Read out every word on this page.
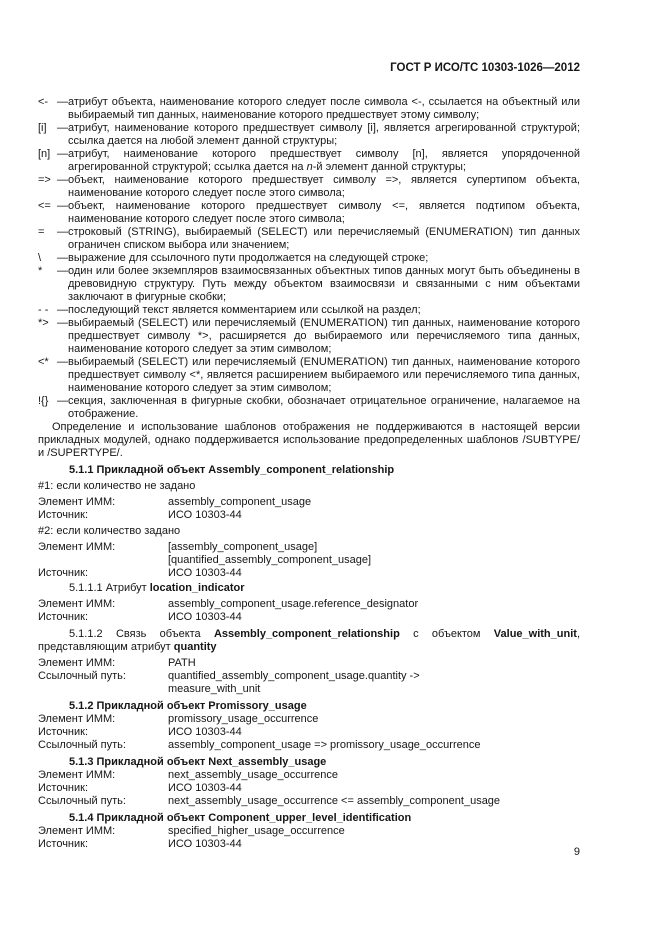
ГОСТ Р ИСО/ТС 10303-1026—2012
<- — атрибут объекта, наименование которого следует после символа <-, ссылается на объектный или выбираемый тип данных, наименование которого предшествует этому символу;
[i] — атрибут, наименование которого предшествует символу [i], является агрегированной структурой; ссылка дается на любой элемент данной структуры;
[n] — атрибут, наименование которого предшествует символу [n], является упорядоченной агрегированной структурой; ссылка дается на n-й элемент данной структуры;
=> — объект, наименование которого предшествует символу =>, является супертипом объекта, наименование которого следует после этого символа;
<= — объект, наименование которого предшествует символу <=, является подтипом объекта, наименование которого следует после этого символа;
= — строковый (STRING), выбираемый (SELECT) или перечисляемый (ENUMERATION) тип данных ограничен списком выбора или значением;
\ — выражение для ссылочного пути продолжается на следующей строке;
* — один или более экземпляров взаимосвязанных объектных типов данных могут быть объединены в древовидную структуру. Путь между объектом взаимосвязи и связанными с ним объектами заключают в фигурные скобки;
- - — последующий текст является комментарием или ссылкой на раздел;
*> — выбираемый (SELECT) или перечисляемый (ENUMERATION) тип данных, наименование которого предшествует символу *>, расширяется до выбираемого или перечисляемого типа данных, наименование которого следует за этим символом;
<* — выбираемый (SELECT) или перечисляемый (ENUMERATION) тип данных, наименование которого предшествует символу <*, является расширением выбираемого или перечисляемого типа данных, наименование которого следует за этим символом;
!{} — секция, заключенная в фигурные скобки, обозначает отрицательное ограничение, налагаемое на отображение.

Определение и использование шаблонов отображения не поддерживаются в настоящей версии прикладных модулей, однако поддерживается использование предопределенных шаблонов /SUBTYPE/ и /SUPERTYPE/.

5.1.1 Прикладной объект Assembly_component_relationship

#1: если количество не задано
Элемент ИММ:	assembly_component_usage
Источник:	ИСО 10303-44
#2: если количество задано
Элемент ИММ:	[assembly_component_usage]
[quantified_assembly_component_usage]
Источник:	ИСО 10303-44

5.1.1.1 Атрибут location_indicator

Элемент ИММ:	assembly_component_usage.reference_designator
Источник:	ИСО 10303-44

5.1.1.2 Связь объекта Assembly_component_relationship с объектом Value_with_unit, представляющим атрибут quantity

Элемент ИММ:	PATH
Ссылочный путь:	quantified_assembly_component_usage.quantity ->
measure_with_unit

5.1.2 Прикладной объект Promissory_usage

Элемент ИММ:	promissory_usage_occurrence
Источник:	ИСО 10303-44
Ссылочный путь:	assembly_component_usage => promissory_usage_occurrence

5.1.3 Прикладной объект Next_assembly_usage

Элемент ИММ:	next_assembly_usage_occurrence
Источник:	ИСО 10303-44
Ссылочный путь:	next_assembly_usage_occurrence <= assembly_component_usage

5.1.4 Прикладной объект Component_upper_level_identification

Элемент ИММ:	specified_higher_usage_occurrence
Источник:	ИСО 10303-44
9
